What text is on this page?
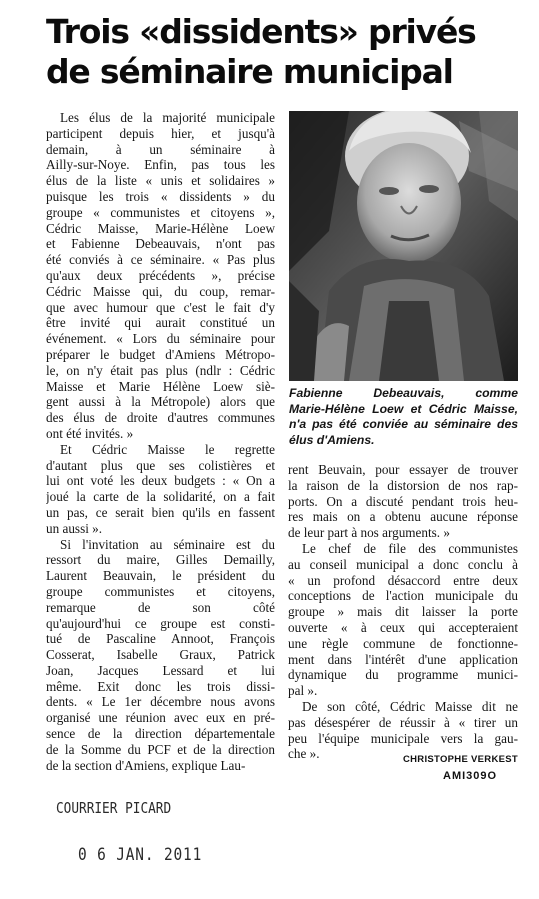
Trois «dissidents» privés
de séminaire municipal

Les élus de la majorité municipale
participent depuis hier, et jusqu'à
demain, à un séminaire à
Ailly-sur-Noye. Enfin, pas tous les
élus de la liste « unis et solidaires »
puisque les trois « dissidents » du
groupe « communistes et citoyens »,
Cédric Maisse, Marie-Hélène Loew
et Fabienne Debeauvais, n'ont pas
été conviés à ce séminaire. « Pas plus
qu'aux deux précédents », précise
Cédric Maisse qui, du coup, remar-
que avec humour que c'est le fait d'y
être invité qui aurait constitué un
événement. « Lors du séminaire pour
préparer le budget d'Amiens Métropo-
le, on n'y était pas plus (ndlr : Cédric
Maisse et Marie Hélène Loew siè-
gent aussi à la Métropole) alors que
des élus de droite d'autres communes
ont été invités. »

Et Cédric Maisse le regrette
d'autant plus que ses colistières et
lui ont voté les deux budgets : « On a
joué la carte de la solidarité, on a fait
un pas, ce serait bien qu'ils en fassent
un aussi ».

Si l'invitation au séminaire est du
ressort du maire, Gilles Demailly,
Laurent Beauvain, le président du
groupe communistes et citoyens,
remarque de son côté
qu'aujourd'hui ce groupe est consti-
tué de Pascaline Annoot, François
Cosserat, Isabelle Graux, Patrick
Joan, Jacques Lessard et lui
même. Exit donc les trois dissi-
dents. « Le 1er décembre nous avons
organisé une réunion avec eux en pré-
sence de la direction départementale
de la Somme du PCF et de la direction
de la section d'Amiens, explique Lau-

Fabienne Debeauvais, comme
Marie-Hélène Loew et Cédric Maisse,
n'a pas été conviée au séminaire des
élus d'Amiens.

rent Beuvain, pour essayer de trouver
la raison de la distorsion de nos rap-
ports. On a discuté pendant trois heu-
res mais on a obtenu aucune réponse
de leur part à nos arguments. »

Le chef de file des communistes
au conseil municipal a donc conclu à
« un profond désaccord entre deux
conceptions de l'action municipale du
groupe » mais dit laisser la porte
ouverte « à ceux qui accepteraient
une règle commune de fonctionne-
ment dans l'intérêt d'une application
dynamique du programme munici-
pal ».

De son côté, Cédric Maisse dit ne
pas désespérer de réussir à « tirer un
peu l'équipe municipale vers la gau-
che ».	CHRISTOPHE VERKEST

AMI309O
COURRIER PICARD
0 6 JAN. 2011
